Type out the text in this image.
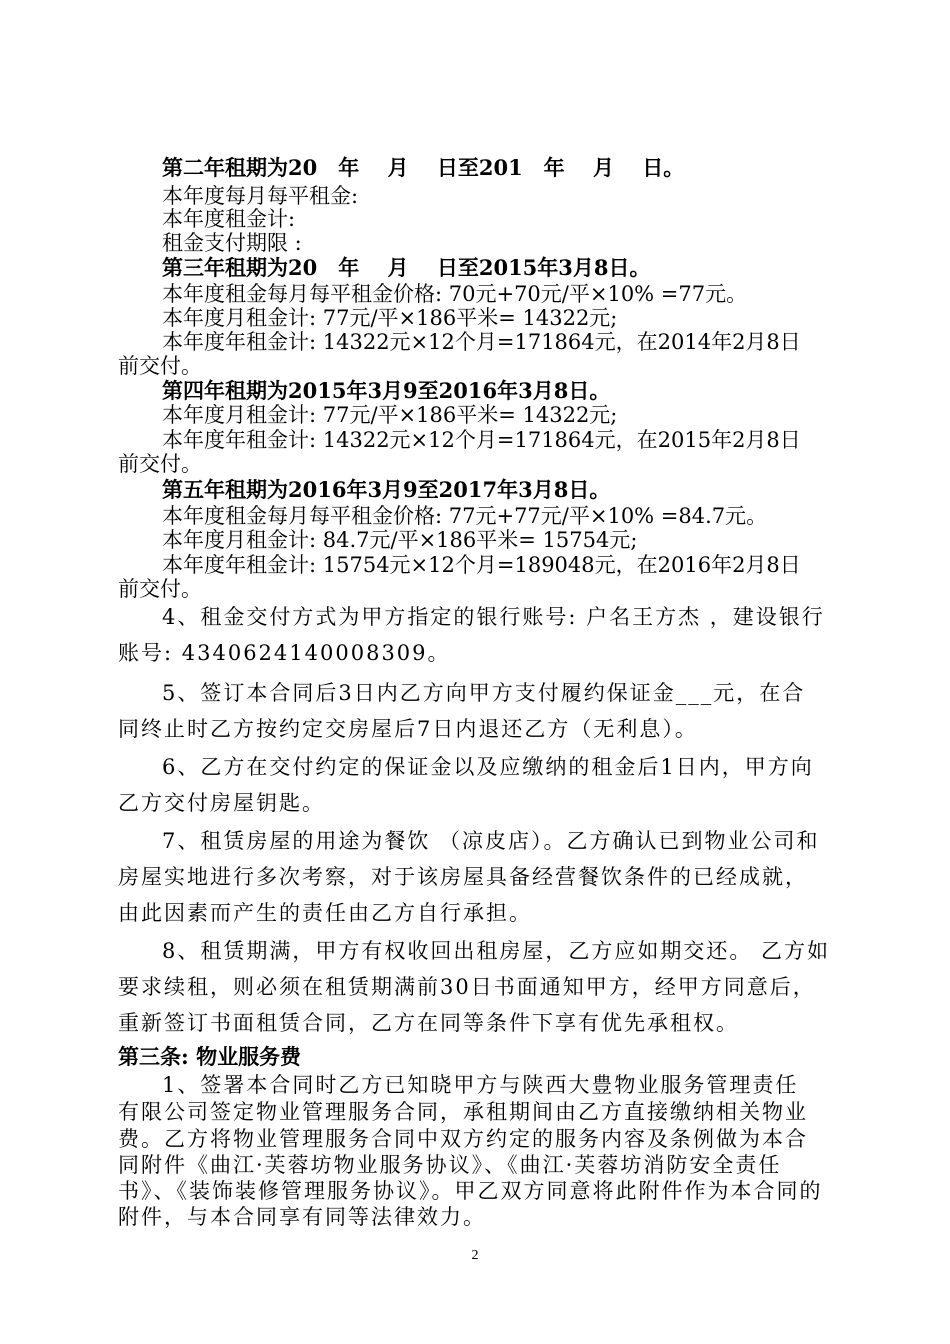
第二年租期为20　年　 月　 日至201　年　 月　 日。
本年度每月每平租金:
本年度租金计:
租金支付期限 :
第三年租期为20　年　 月　 日至2015年3月8日。
本年度租金每月每平租金价格: 70元+70元/平×10% =77元。
本年度月租金计: 77元/平×186平米= 14322元;
本年度年租金计: 14322元×12个月=171864元，在2014年2月8日
前交付。
第四年租期为2015年3月9至2016年3月8日。
本年度月租金计: 77元/平×186平米= 14322元;
本年度年租金计: 14322元×12个月=171864元，在2015年2月8日
前交付。
第五年租期为2016年3月9至2017年3月8日。
本年度租金每月每平租金价格: 77元+77元/平×10% =84.7元。
本年度月租金计: 84.7元/平×186平米= 15754元;
本年度年租金计: 15754元×12个月=189048元，在2016年2月8日
前交付。
4、租金交付方式为甲方指定的银行账号: 户名王方杰 ，建设银行
账号: 4340624140008309。
5、签订本合同后3日内乙方向甲方支付履约保证金___元，在合
同终止时乙方按约定交房屋后7日内退还乙方（无利息）。
6、乙方在交付约定的保证金以及应缴纳的租金后1日内，甲方向
乙方交付房屋钥匙。
7、租赁房屋的用途为餐饮 （凉皮店）。乙方确认已到物业公司和
房屋实地进行多次考察，对于该房屋具备经营餐饮条件的已经成就，
由此因素而产生的责任由乙方自行承担。
8、租赁期满，甲方有权收回出租房屋，乙方应如期交还。 乙方如
要求续租，则必须在租赁期满前30日书面通知甲方，经甲方同意后，
重新签订书面租赁合同，乙方在同等条件下享有优先承租权。
第三条: 物业服务费
1、签署本合同时乙方已知晓甲方与陕西大豊物业服务管理责任
有限公司签定物业管理服务合同，承租期间由乙方直接缴纳相关物业
费。乙方将物业管理服务合同中双方约定的服务内容及条例做为本合
同附件《曲江·芙蓉坊物业服务协议》、《曲江·芙蓉坊消防安全责任
书》、《装饰装修管理服务协议》。甲乙双方同意将此附件作为本合同的
附件，与本合同享有同等法律效力。
2
